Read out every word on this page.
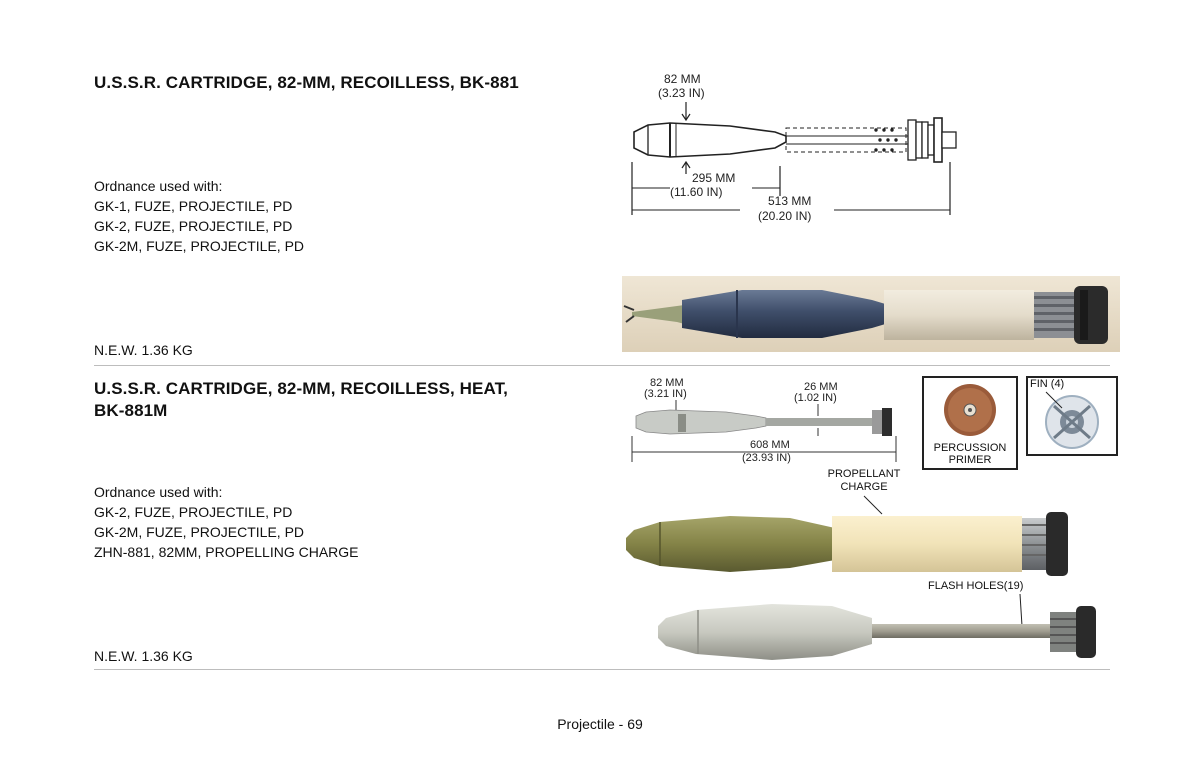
U.S.S.R. CARTRIDGE, 82-MM, RECOILLESS, BK-881
Ordnance used with:
GK-1, FUZE, PROJECTILE, PD
GK-2, FUZE, PROJECTILE, PD
GK-2M, FUZE, PROJECTILE, PD
N.E.W. 1.36 KG
82 MM
(3.23 IN)
295 MM
(11.60 IN)
513 MM
(20.20 IN)
U.S.S.R. CARTRIDGE, 82-MM, RECOILLESS, HEAT,
BK-881M
Ordnance used with:
GK-2, FUZE, PROJECTILE, PD
GK-2M, FUZE, PROJECTILE, PD
ZHN-881, 82MM, PROPELLING CHARGE
N.E.W. 1.36 KG
82 MM
(3.21 IN)
26 MM
(1.02 IN)
608 MM
(23.93 IN)
PERCUSSION
PRIMER
FIN (4)
PROPELLANT
CHARGE
FLASH HOLES(19)
Projectile - 69
